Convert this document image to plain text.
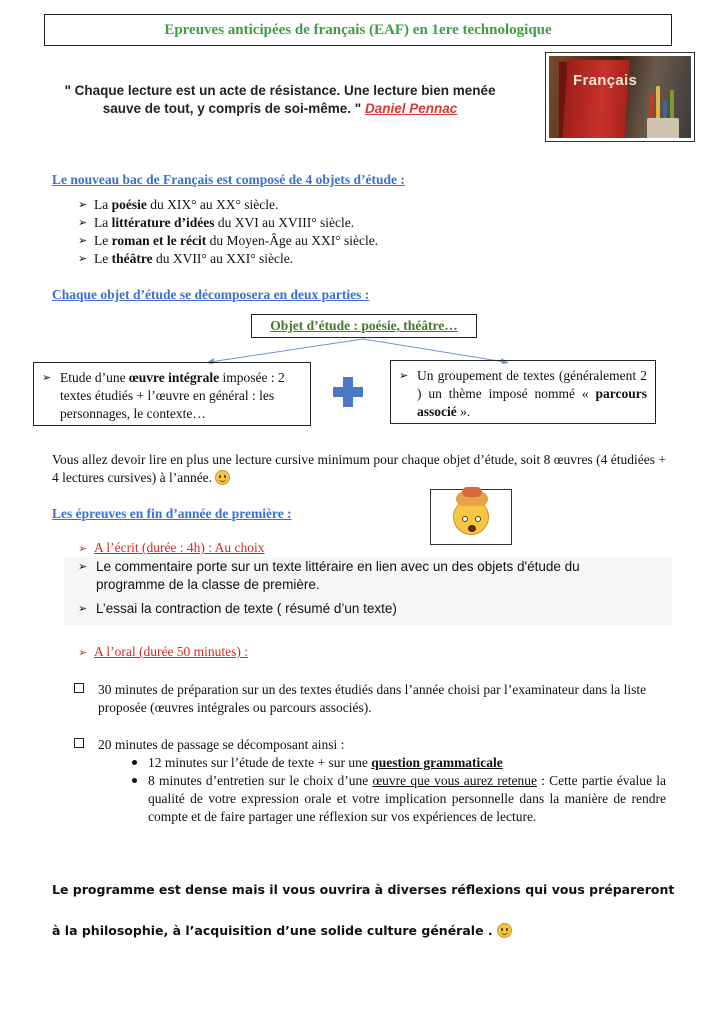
Epreuves anticipées de français (EAF) en 1ere technologique
" Chaque lecture est un acte de résistance. Une lecture bien menée sauve de tout, y compris de soi-même. " Daniel Pennac
Français
Le nouveau bac de Français est composé de 4 objets d’étude :
➢ La poésie du XIX° au XX° siècle.
➢ La littérature d’idées du XVI au XVIII° siècle.
➢ Le roman et le récit du Moyen-Âge au XXI° siècle.
➢ Le théâtre du XVII° au XXI° siècle.
Chaque objet d’étude se décomposera en deux parties :
Objet d’étude : poésie, théâtre…
➢ Etude d’une œuvre intégrale imposée : 2 textes étudiés + l’œuvre en général : les personnages, le contexte…
➢ Un groupement de textes (généralement 2 ) un thème imposé nommé « parcours associé ».
Vous allez devoir lire en plus une lecture cursive minimum pour chaque objet d’étude, soit 8 œuvres (4 étudiées + 4 lectures cursives) à l’année.
Les épreuves en fin d’année de première :
➢ A l’écrit (durée : 4h) : Au choix
➢ Le commentaire porte sur un texte littéraire en lien avec un des objets d'étude du programme de la classe de première.
➢ L’essai la contraction de texte ( résumé d’un texte)
➢ A l’oral (durée 50 minutes) :
30 minutes de préparation sur un des textes étudiés dans l’année choisi par l’examinateur dans la liste proposée (œuvres intégrales ou parcours associés).
20 minutes de passage se décomposant ainsi :
12 minutes sur l’étude de texte + sur une question grammaticale
8 minutes d’entretien sur le choix d’une œuvre que vous aurez retenue : Cette partie évalue la qualité de votre expression orale et votre implication personnelle dans la manière de rendre compte et de faire partager une réflexion sur vos expériences de lecture.
Le programme est dense mais il vous ouvrira à diverses réflexions qui vous prépareront
à la philosophie, à l’acquisition d’une solide culture générale .
